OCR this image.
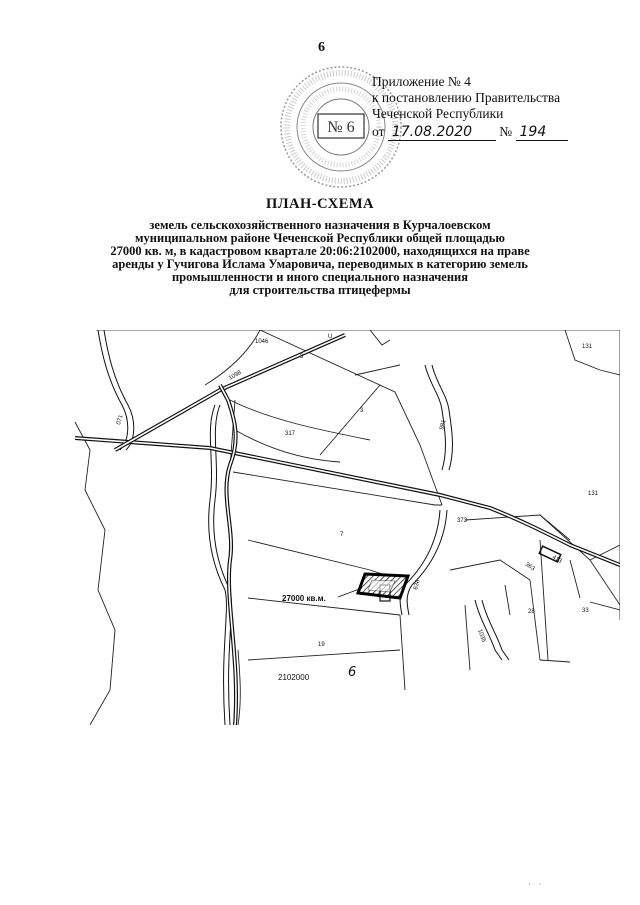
6
№ 6
Приложение № 4
к постановлению Правительства
Чеченской Республики
от 17.08.2020 № 194
ПЛАН-СХЕМА
земель сельскохозяйственного назначения в Курчалоевском
муниципальном районе Чеченской Республики общей площадью
27000 кв. м, в кадастровом квартале 20:06:2102000, находящихся на праве
аренды у Гучигова Ислама Умаровича, переводимых в категорию земель
промышленности и иного специального назначения
для строительства птицефермы
1046
U
3
3
317
131
131
7
373
28
19
33
1098
071	981
638
1035
363
413
27000 кв.м.
2102000	6
· ·
